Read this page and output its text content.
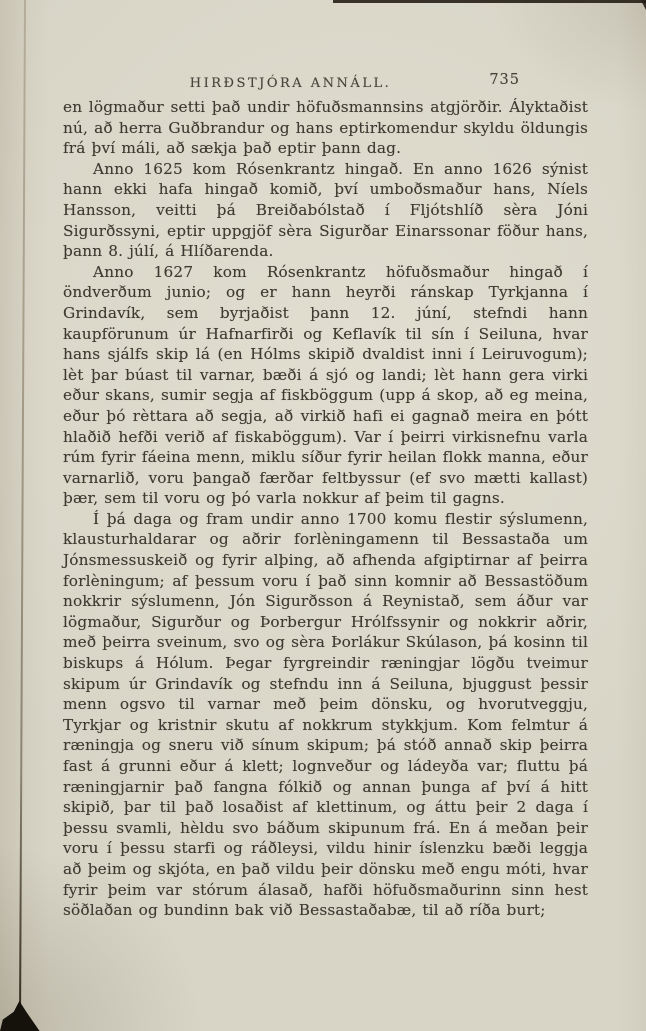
HIRÐSTJÓRA ANNÁLL.	735

en lögmaður setti það undir höfuðsmannsins atgjörðir. Ályktaðist nú, að herra Guðbrandur og hans eptirkomendur skyldu öldungis frá því máli, að sækja það eptir þann dag.

Anno 1625 kom Rósenkrantz hingað. En anno 1626 sýnist hann ekki hafa hingað komið, því umboðsmaður hans, Níels Hansson, veitti þá Breiðabólstað í Fljótshlíð sèra Jóni Sigurðssyni, eptir uppgjöf sèra Sigurðar Einarssonar föður hans, þann 8. júlí, á Hlíðarenda.

Anno 1627 kom Rósenkrantz höfuðsmaður hingað í öndverðum junio; og er hann heyrði ránskap Tyrkjanna í Grindavík, sem byrjaðist þann 12. júní, stefndi hann kaupförunum úr Hafnarfirði og Keflavík til sín í Seiluna, hvar hans sjálfs skip lá (en Hólms skipið dvaldist inni í Leiruvogum); lèt þar búast til varnar, bæði á sjó og landi; lèt hann gera virki eður skans, sumir segja af fiskböggum (upp á skop, að eg meina, eður þó rèttara að segja, að virkið hafi ei gagnað meira en þótt hlaðið hefði verið af fiskaböggum). Var í þeirri virkisnefnu varla rúm fyrir fáeina menn, miklu síður fyrir heilan flokk manna, eður varnarlið, voru þangað færðar feltbyssur (ef svo mætti kallast) þær, sem til voru og þó varla nokkur af þeim til gagns.

Í þá daga og fram undir anno 1700 komu flestir sýslumenn, klausturhaldarar og aðrir forlèningamenn til Bessastaða um Jónsmessuskeið og fyrir alþing, að afhenda afgiptirnar af þeirra forlèningum; af þessum voru í það sinn komnir að Bessastöðum nokkrir sýslumenn, Jón Sigurðsson á Reynistað, sem áður var lögmaður, Sigurður og Þorbergur Hrólfssynir og nokkrir aðrir, með þeirra sveinum, svo og sèra Þorlákur Skúlason, þá kosinn til biskups á Hólum. Þegar fyrgreindir ræningjar lögðu tveimur skipum úr Grindavík og stefndu inn á Seiluna, bjuggust þessir menn ogsvo til varnar með þeim dönsku, og hvorutveggju, Tyrkjar og kristnir skutu af nokkrum stykkjum. Kom felmtur á ræningja og sneru við sínum skipum; þá stóð annað skip þeirra fast á grunni eður á klett; lognveður og ládeyða var; fluttu þá ræningjarnir það fangna fólkið og annan þunga af því á hitt skipið, þar til það losaðist af klettinum, og áttu þeir 2 daga í þessu svamli, hèldu svo báðum skipunum frá. En á meðan þeir voru í þessu starfi og ráðleysi, vildu hinir íslenzku bæði leggja að þeim og skjóta, en það vildu þeir dönsku með engu móti, hvar fyrir þeim var stórum álasað, hafði höfuðsmaðurinn sinn hest söðlaðan og bundinn bak við Bessastaðabæ, til að ríða burt;
